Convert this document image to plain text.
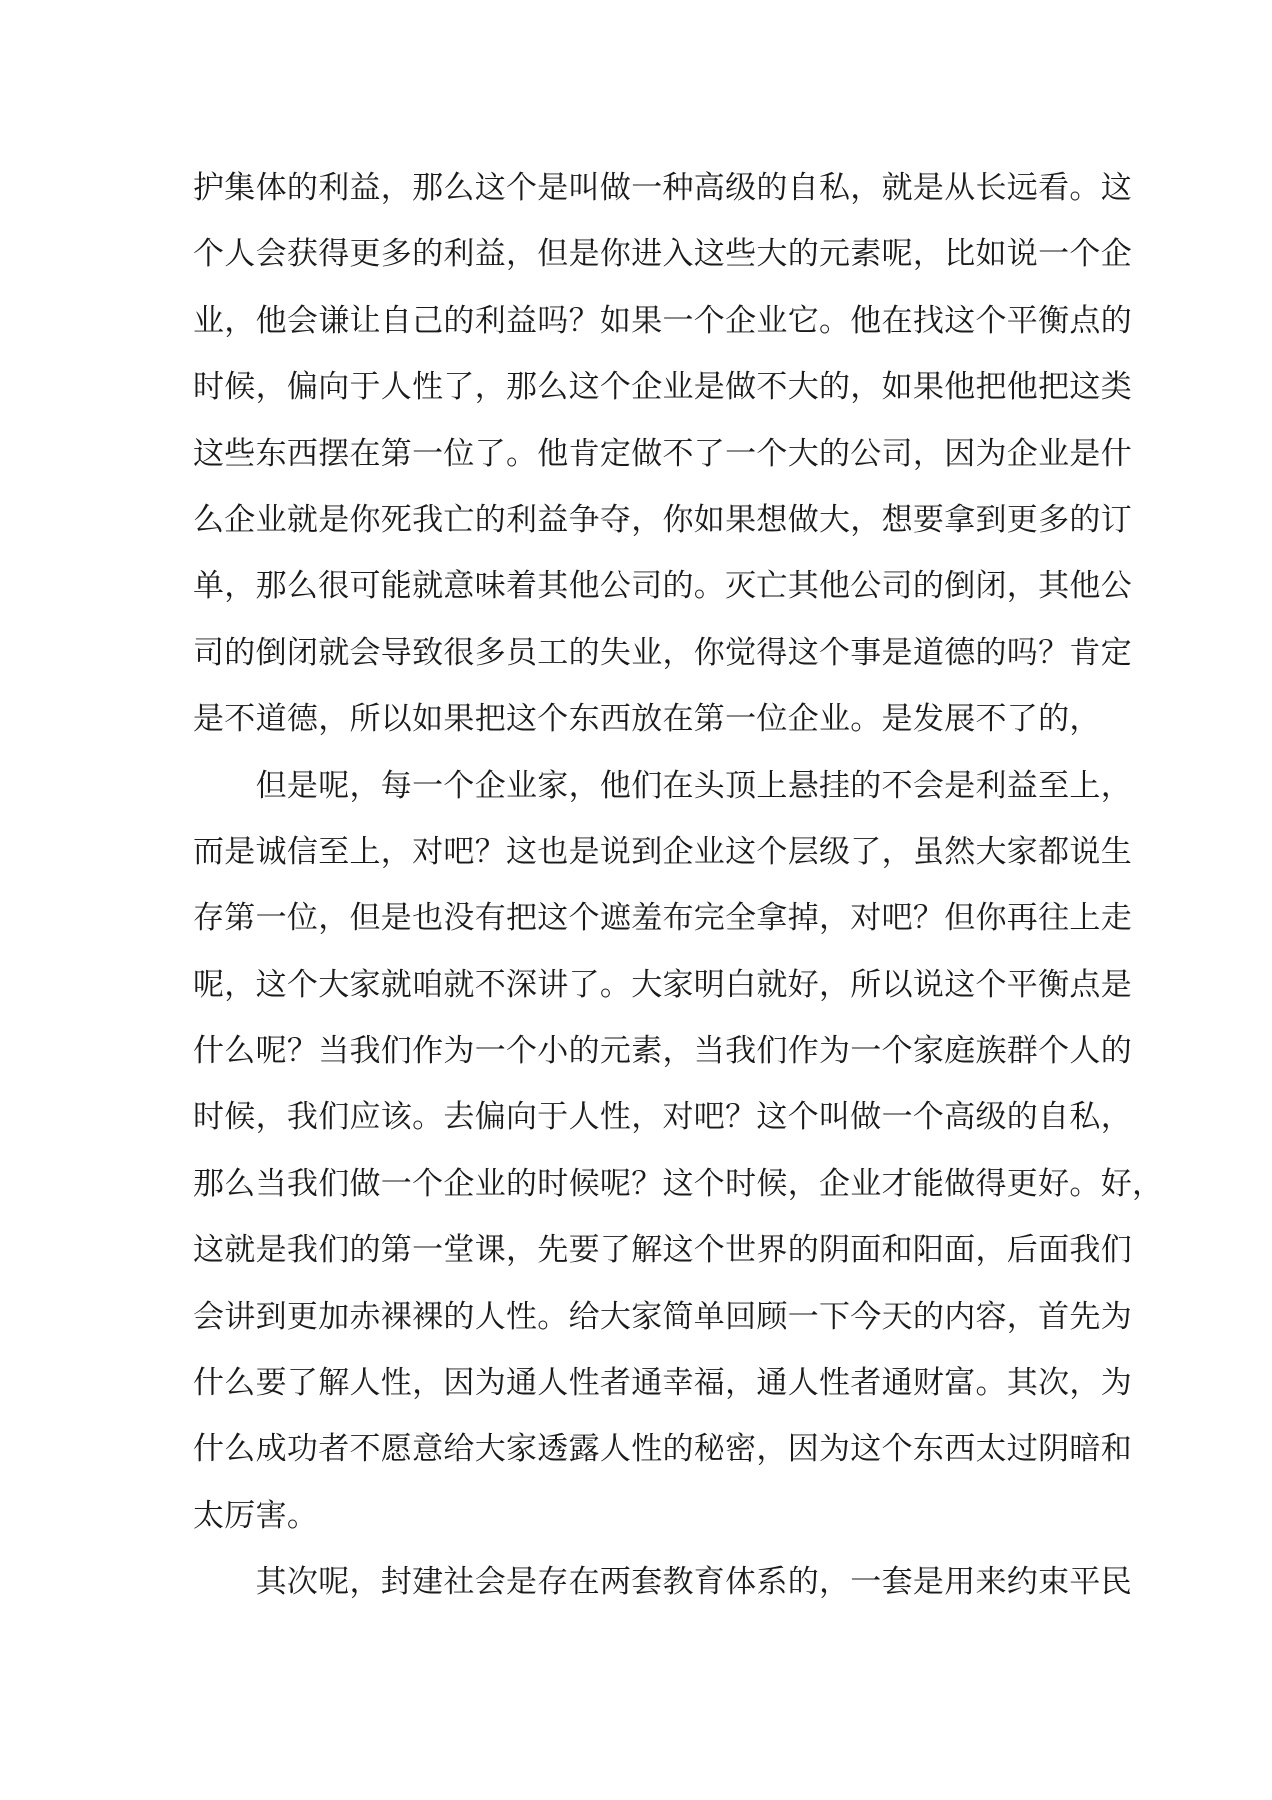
护集体的利益，那么这个是叫做一种高级的自私，就是从长远看。这
个人会获得更多的利益，但是你进入这些大的元素呢，比如说一个企
业，他会谦让自己的利益吗？如果一个企业它。他在找这个平衡点的
时候，偏向于人性了，那么这个企业是做不大的，如果他把他把这类
这些东西摆在第一位了。他肯定做不了一个大的公司，因为企业是什
么企业就是你死我亡的利益争夺，你如果想做大，想要拿到更多的订
单，那么很可能就意味着其他公司的。灭亡其他公司的倒闭，其他公
司的倒闭就会导致很多员工的失业，你觉得这个事是道德的吗？肯定
是不道德，所以如果把这个东西放在第一位企业。是发展不了的，
　　但是呢，每一个企业家，他们在头顶上悬挂的不会是利益至上，
而是诚信至上，对吧？这也是说到企业这个层级了，虽然大家都说生
存第一位，但是也没有把这个遮羞布完全拿掉，对吧？但你再往上走
呢，这个大家就咱就不深讲了。大家明白就好，所以说这个平衡点是
什么呢？当我们作为一个小的元素，当我们作为一个家庭族群个人的
时候，我们应该。去偏向于人性，对吧？这个叫做一个高级的自私，
那么当我们做一个企业的时候呢？这个时候，企业才能做得更好。好，
这就是我们的第一堂课，先要了解这个世界的阴面和阳面，后面我们
会讲到更加赤裸裸的人性。给大家简单回顾一下今天的内容，首先为
什么要了解人性，因为通人性者通幸福，通人性者通财富。其次，为
什么成功者不愿意给大家透露人性的秘密，因为这个东西太过阴暗和
太厉害。
　　其次呢，封建社会是存在两套教育体系的，一套是用来约束平民
